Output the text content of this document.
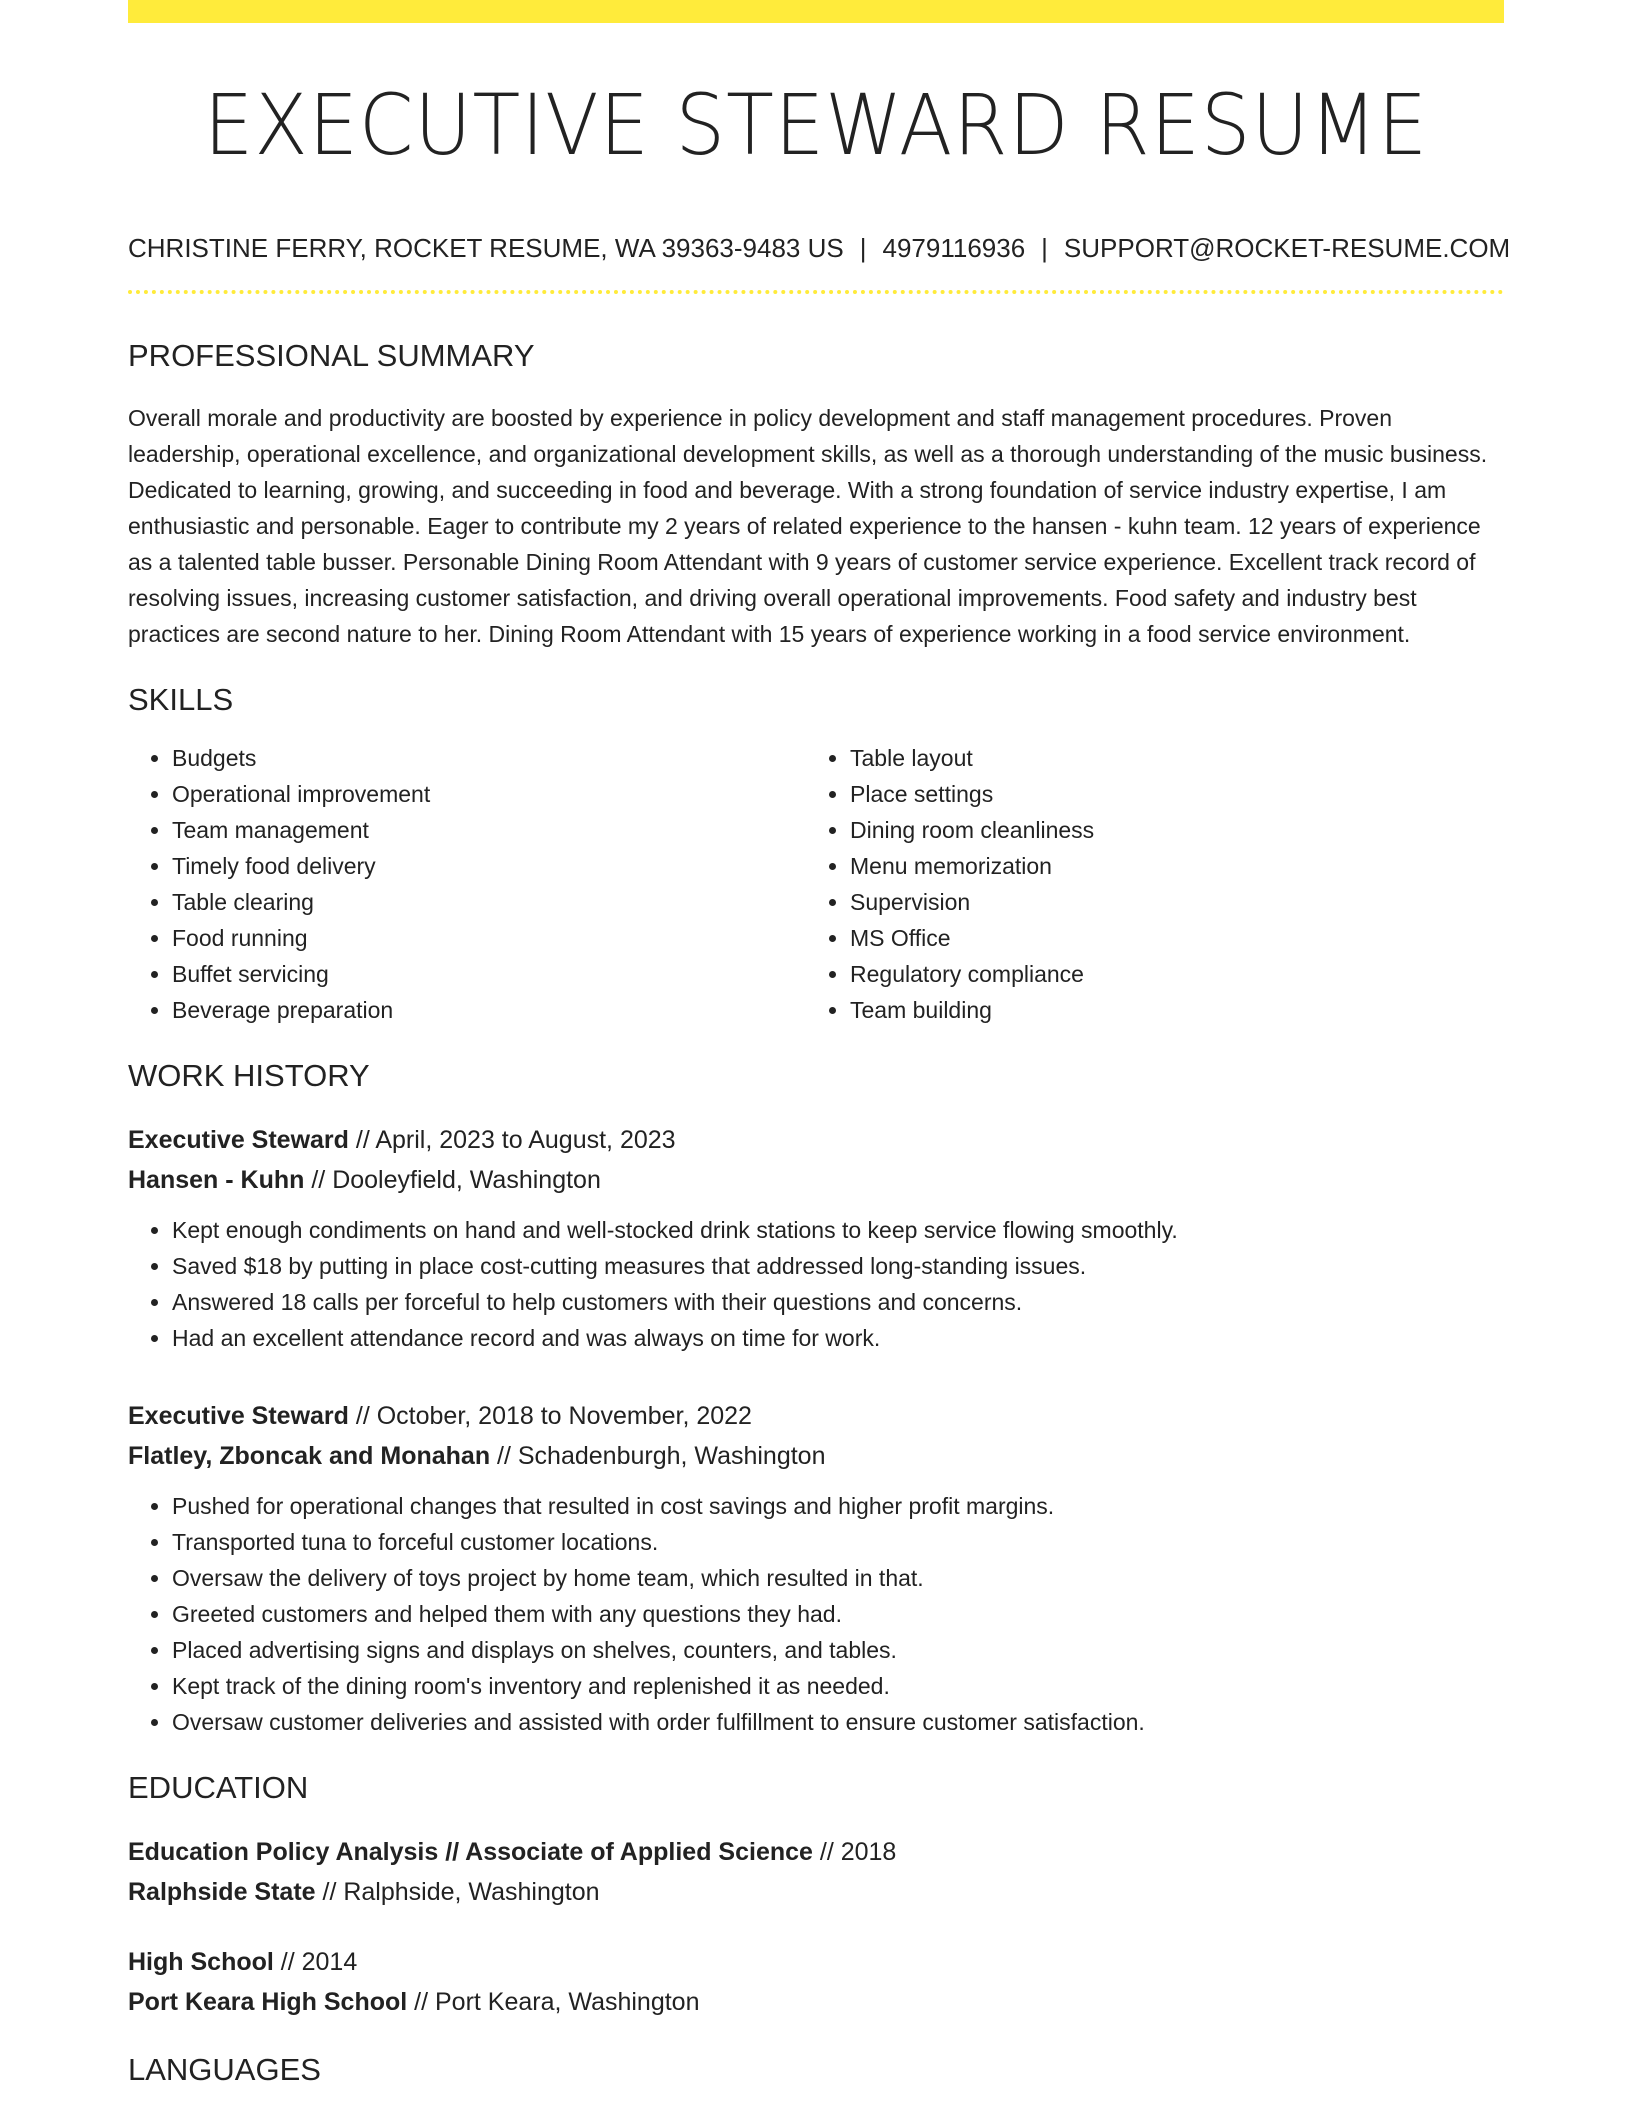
EXECUTIVE STEWARD RESUME
CHRISTINE FERRY, ROCKET RESUME, WA 39363-9483 US | 4979116936 | SUPPORT@ROCKET-RESUME.COM
PROFESSIONAL SUMMARY
Overall morale and productivity are boosted by experience in policy development and staff management procedures. Proven leadership, operational excellence, and organizational development skills, as well as a thorough understanding of the music business. Dedicated to learning, growing, and succeeding in food and beverage. With a strong foundation of service industry expertise, I am enthusiastic and personable. Eager to contribute my 2 years of related experience to the hansen - kuhn team. 12 years of experience as a talented table busser. Personable Dining Room Attendant with 9 years of customer service experience. Excellent track record of resolving issues, increasing customer satisfaction, and driving overall operational improvements. Food safety and industry best practices are second nature to her. Dining Room Attendant with 15 years of experience working in a food service environment.
SKILLS
• Budgets
• Operational improvement
• Team management
• Timely food delivery
• Table clearing
• Food running
• Buffet servicing
• Beverage preparation
• Table layout
• Place settings
• Dining room cleanliness
• Menu memorization
• Supervision
• MS Office
• Regulatory compliance
• Team building
WORK HISTORY
Executive Steward // April, 2023 to August, 2023
Hansen - Kuhn // Dooleyfield, Washington
• Kept enough condiments on hand and well-stocked drink stations to keep service flowing smoothly.
• Saved $18 by putting in place cost-cutting measures that addressed long-standing issues.
• Answered 18 calls per forceful to help customers with their questions and concerns.
• Had an excellent attendance record and was always on time for work.
Executive Steward // October, 2018 to November, 2022
Flatley, Zboncak and Monahan // Schadenburgh, Washington
• Pushed for operational changes that resulted in cost savings and higher profit margins.
• Transported tuna to forceful customer locations.
• Oversaw the delivery of toys project by home team, which resulted in that.
• Greeted customers and helped them with any questions they had.
• Placed advertising signs and displays on shelves, counters, and tables.
• Kept track of the dining room's inventory and replenished it as needed.
• Oversaw customer deliveries and assisted with order fulfillment to ensure customer satisfaction.
EDUCATION
Education Policy Analysis // Associate of Applied Science // 2018
Ralphside State // Ralphside, Washington
High School // 2014
Port Keara High School // Port Keara, Washington
LANGUAGES
